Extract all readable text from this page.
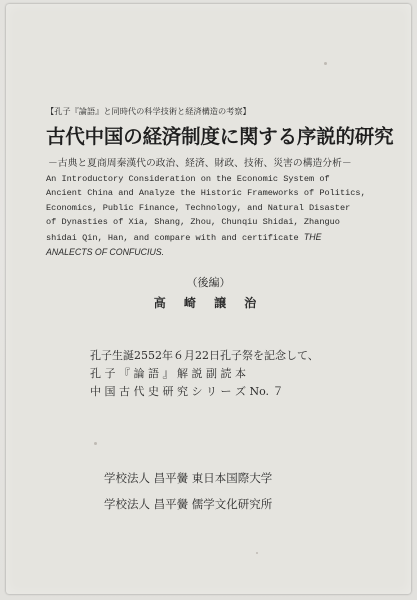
【孔子『論語』と同時代の科学技術と経済構造の考察】
古代中国の経済制度に関する序説的研究
－古典と夏商周秦漢代の政治、経済、財政、技術、災害の構造分析－
An Introductory Consideration on the Economic System of
Ancient China and Analyze the Historic Frameworks of Politics,
Economics, Public Finance, Technology, and Natural Disaster
of Dynasties of Xia, Shang, Zhou, Chunqiu Shidai, Zhanguo
shidai Qin, Han, and compare with and certificate THE
ANALECTS OF CONFUCIUS.
（後編）
高 崎 譲 治
孔子生誕2552年６月22日孔子祭を記念して、
孔 子 『 論 語 』 解 説 副 読 本
中 国 古 代 史 研 究 シ リ ー ズ No. ７
学校法人 昌平黌 東日本国際大学
学校法人 昌平黌 儒学文化研究所
